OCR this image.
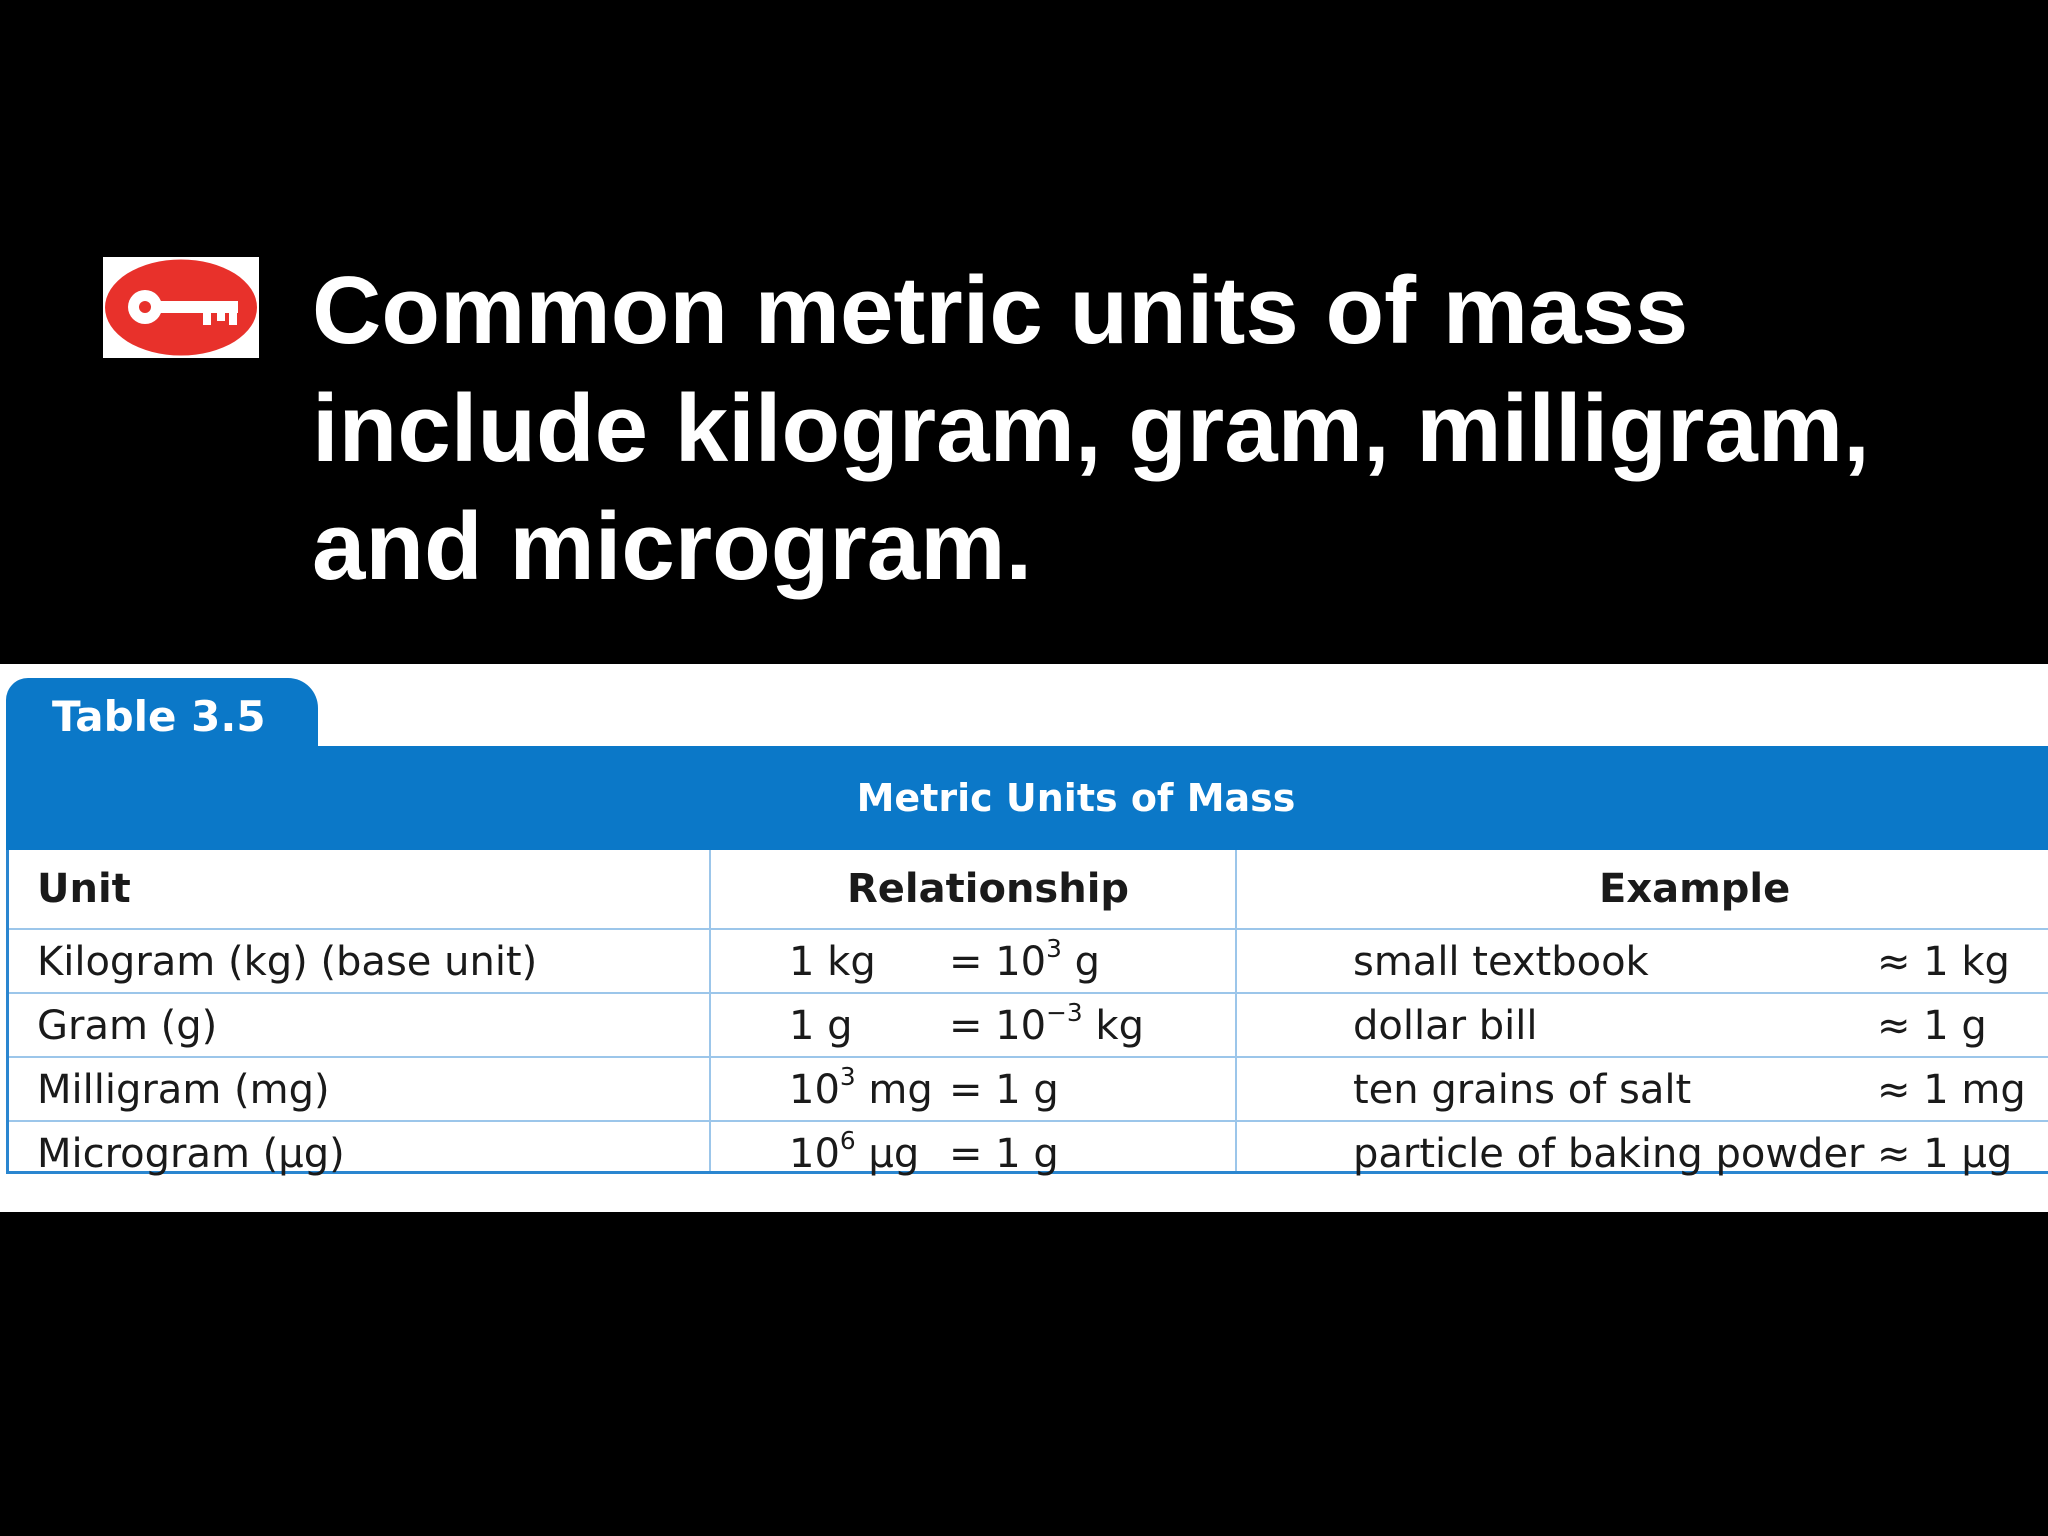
Common metric units of mass
include kilogram, gram, milligram,
and microgram.
Table 3.5
Metric Units of Mass
Unit	Relationship	Example
Kilogram (kg) (base unit)	1 kg = $10^3$ g	small textbook	≈ 1 kg
Gram (g)	1 $g = 10^{-3}$ kg	dollar bill	≈ 1 g
Milligram (mg)	$10^3$ mg = 1 g	ten grains of salt	≈ 1 mg
Microgram (μg)	$10^6$ μg = 1 g	particle of baking powder ≈ 1 μg
